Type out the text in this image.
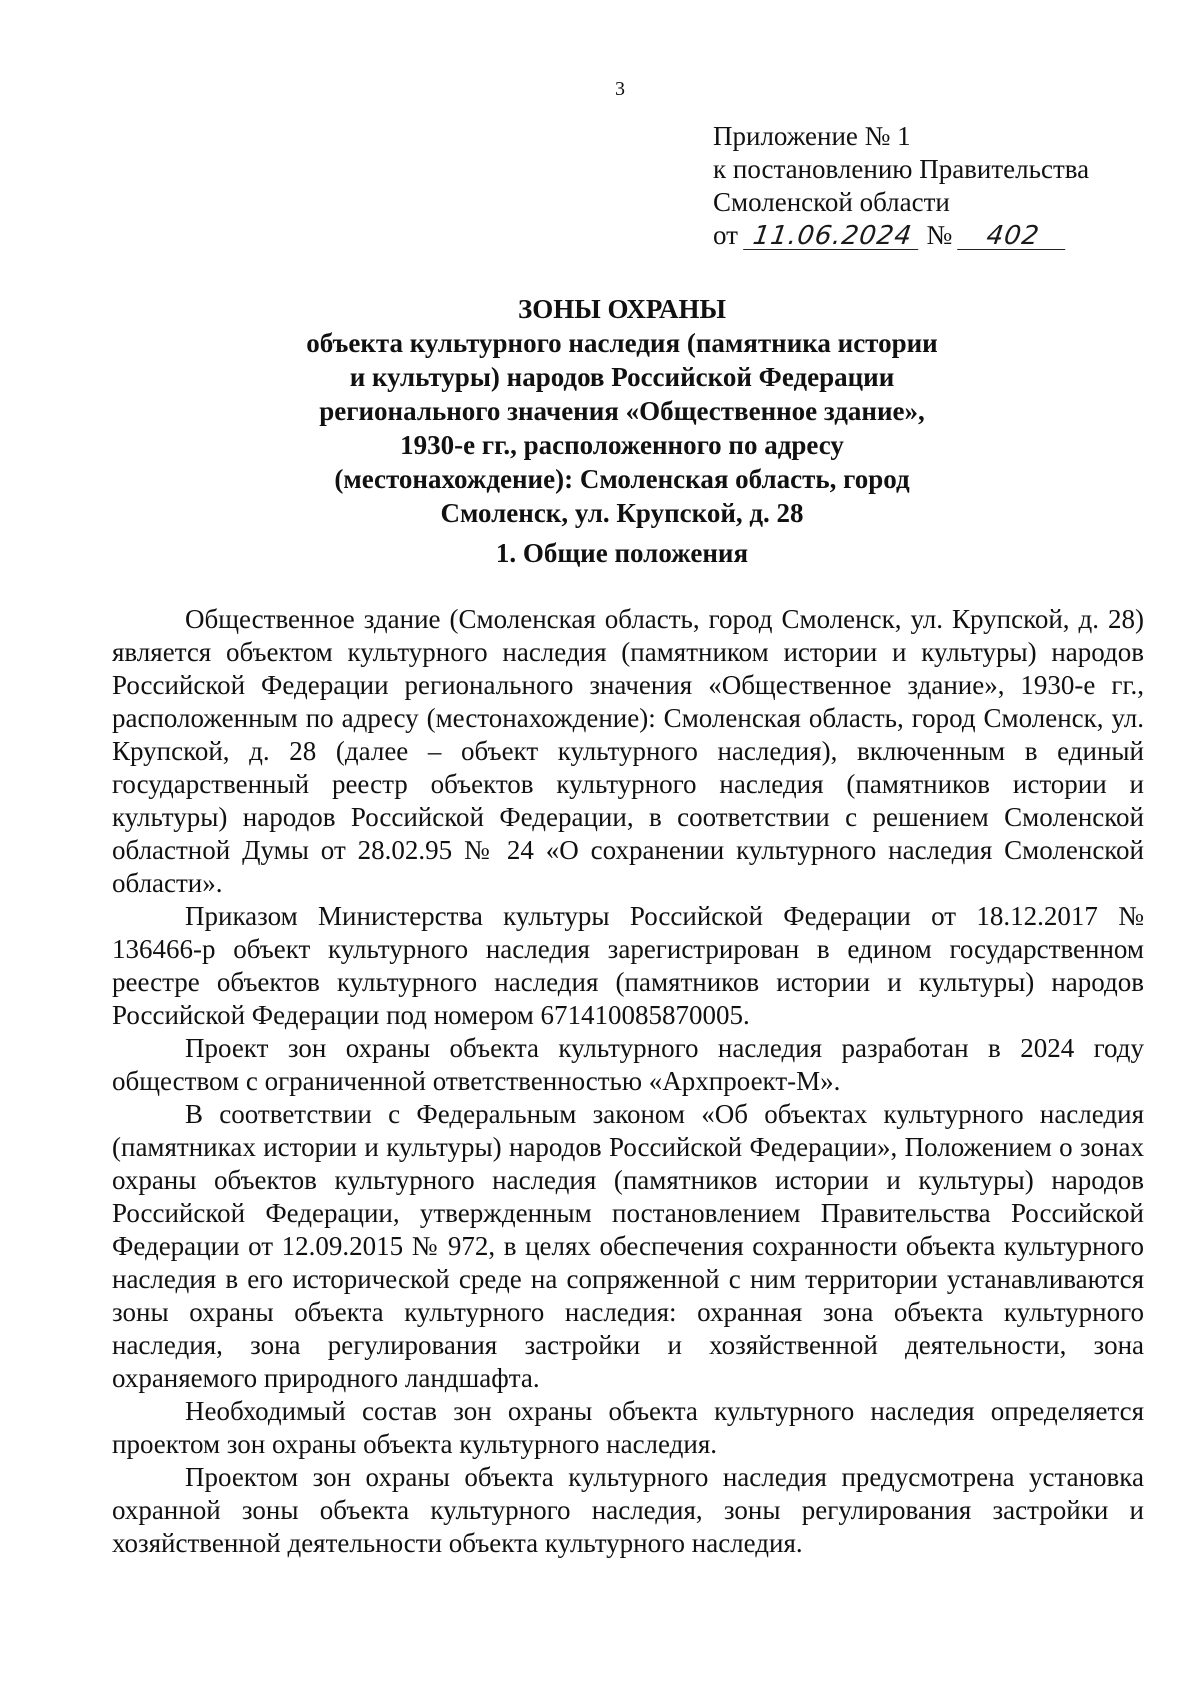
3
Приложение № 1
к постановлению Правительства
Смоленской области
от 11.06.2024 № 402
ЗОНЫ ОХРАНЫ
объекта культурного наследия (памятника истории
и культуры) народов Российской Федерации
регионального значения «Общественное здание»,
1930-е гг., расположенного по адресу
(местонахождение): Смоленская область, город
Смоленск, ул. Крупской, д. 28
1. Общие положения

Общественное здание (Смоленская область, город Смоленск, ул. Крупской, д. 28) является объектом культурного наследия (памятником истории и культуры) народов Российской Федерации регионального значения «Общественное здание», 1930-е гг., расположенным по адресу (местонахождение): Смоленская область, город Смоленск, ул. Крупской, д. 28 (далее – объект культурного наследия), включенным в единый государственный реестр объектов культурного наследия (памятников истории и культуры) народов Российской Федерации, в соответствии с решением Смоленской областной Думы от 28.02.95 № 24 «О сохранении культурного наследия Смоленской области».

Приказом Министерства культуры Российской Федерации от 18.12.2017 № 136466-р объект культурного наследия зарегистрирован в едином государственном реестре объектов культурного наследия (памятников истории и культуры) народов Российской Федерации под номером 671410085870005.

Проект зон охраны объекта культурного наследия разработан в 2024 году обществом с ограниченной ответственностью «Архпроект-М».

В соответствии с Федеральным законом «Об объектах культурного наследия (памятниках истории и культуры) народов Российской Федерации», Положением о зонах охраны объектов культурного наследия (памятников истории и культуры) народов Российской Федерации, утвержденным постановлением Правительства Российской Федерации от 12.09.2015 № 972, в целях обеспечения сохранности объекта культурного наследия в его исторической среде на сопряженной с ним территории устанавливаются зоны охраны объекта культурного наследия: охранная зона объекта культурного наследия, зона регулирования застройки и хозяйственной деятельности, зона охраняемого природного ландшафта.

Необходимый состав зон охраны объекта культурного наследия определяется проектом зон охраны объекта культурного наследия.

Проектом зон охраны объекта культурного наследия предусмотрена установка охранной зоны объекта культурного наследия, зоны регулирования застройки и хозяйственной деятельности объекта культурного наследия.
